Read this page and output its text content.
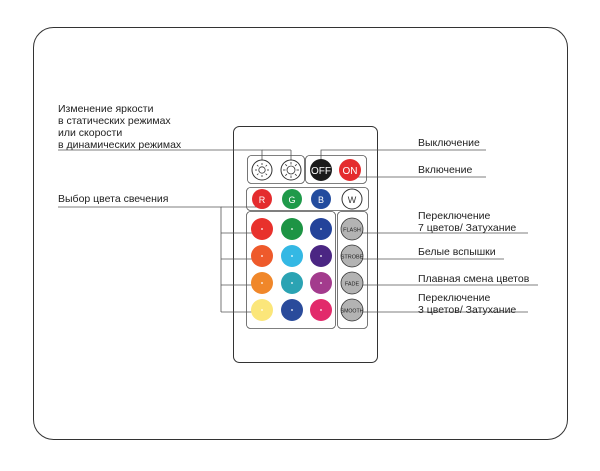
OFF ON
R	G B	W
FLASH
STROBE
FADE
SMOOTH
Изменение яркости
в статических режимах
или скорости
в динамических режимах
Выбор цвета свечения
Выключение
Включение
Переключение
7 цветов/ Затухание
Белые вспышки
Плавная смена цветов
Переключение
3 цветов/ Затухание
